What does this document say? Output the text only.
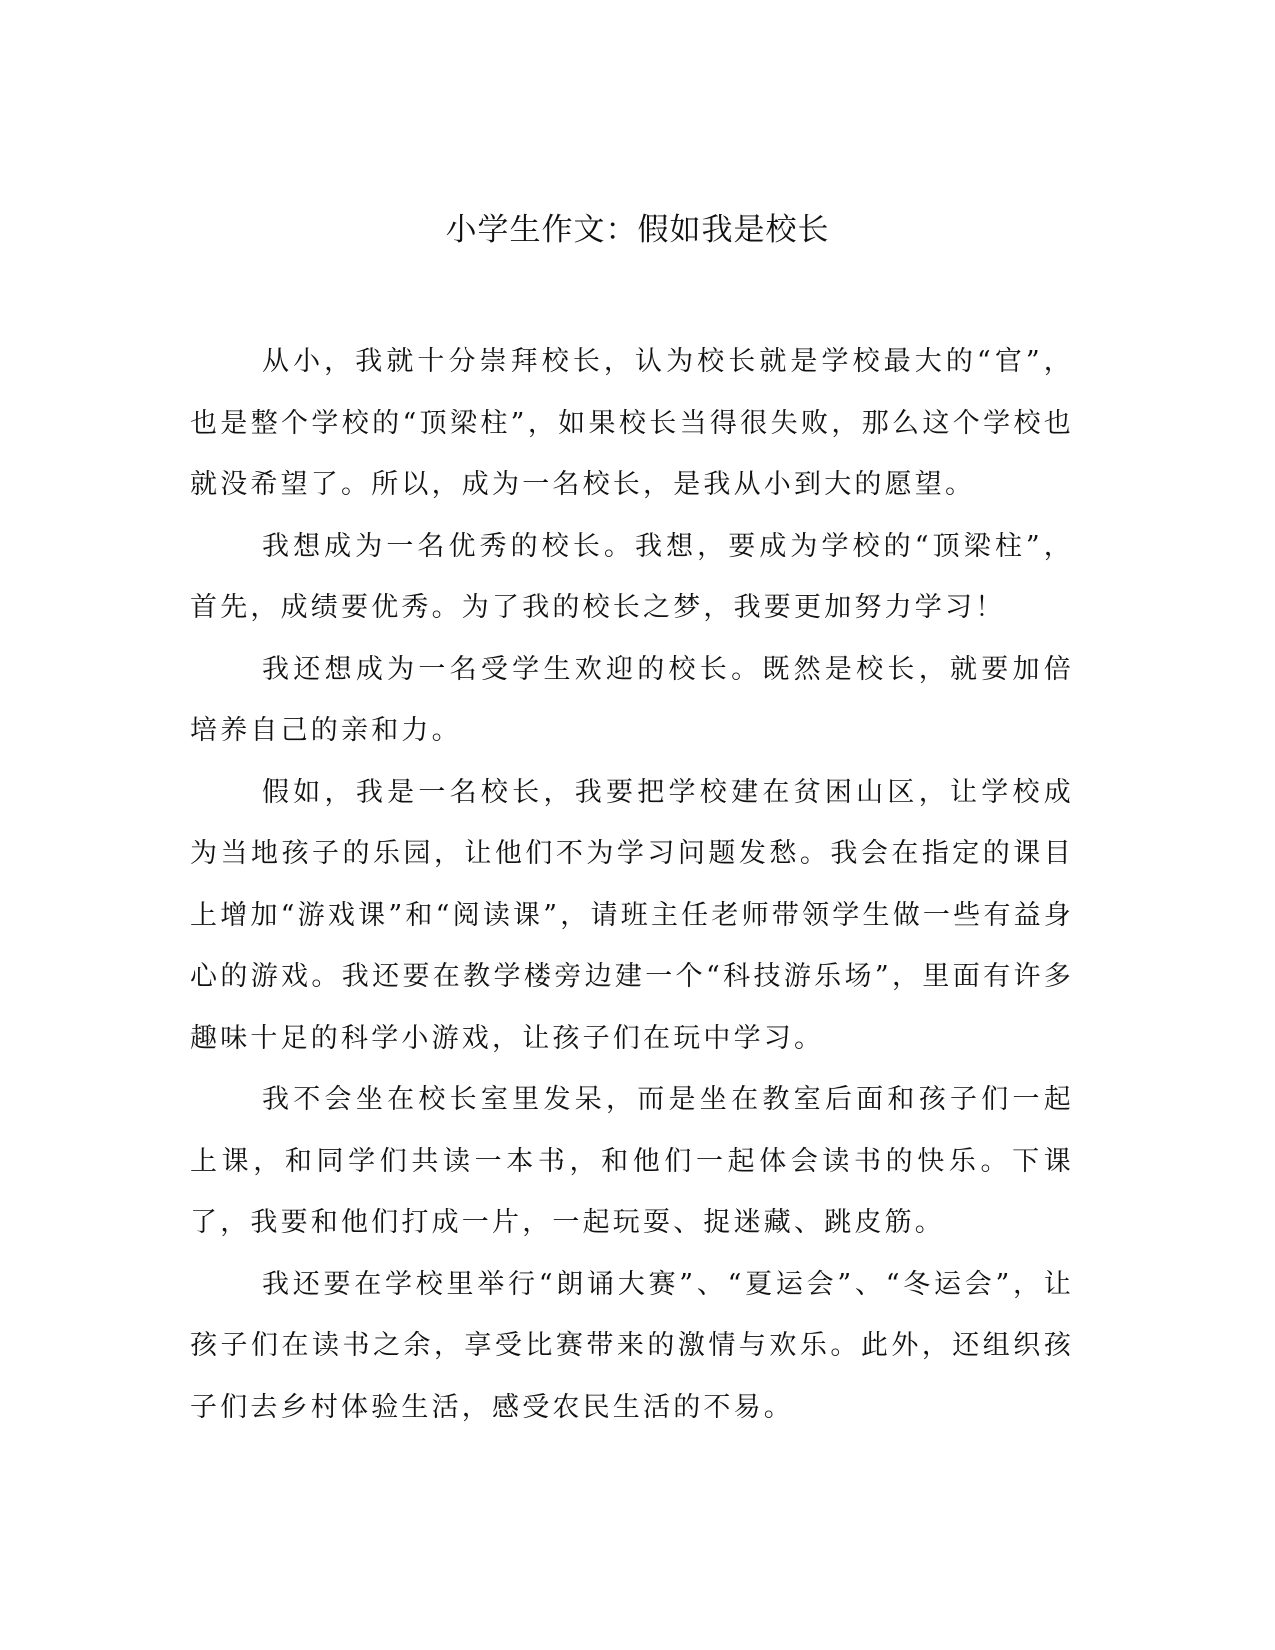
小学生作文：假如我是校长

从小，我就十分崇拜校长，认为校长就是学校最大的“官”，也是整个学校的“顶梁柱”，如果校长当得很失败，那么这个学校也就没希望了。所以，成为一名校长，是我从小到大的愿望。

我想成为一名优秀的校长。我想，要成为学校的“顶梁柱”，首先，成绩要优秀。为了我的校长之梦，我要更加努力学习！

我还想成为一名受学生欢迎的校长。既然是校长，就要加倍培养自己的亲和力。

假如，我是一名校长，我要把学校建在贫困山区，让学校成为当地孩子的乐园，让他们不为学习问题发愁。我会在指定的课目上增加“游戏课”和“阅读课”，请班主任老师带领学生做一些有益身心的游戏。我还要在教学楼旁边建一个“科技游乐场”，里面有许多趣味十足的科学小游戏，让孩子们在玩中学习。

我不会坐在校长室里发呆，而是坐在教室后面和孩子们一起上课，和同学们共读一本书，和他们一起体会读书的快乐。下课了，我要和他们打成一片，一起玩耍、捉迷藏、跳皮筋。

我还要在学校里举行“朗诵大赛”、“夏运会”、“冬运会”，让孩子们在读书之余，享受比赛带来的激情与欢乐。此外，还组织孩子们去乡村体验生活，感受农民生活的不易。
